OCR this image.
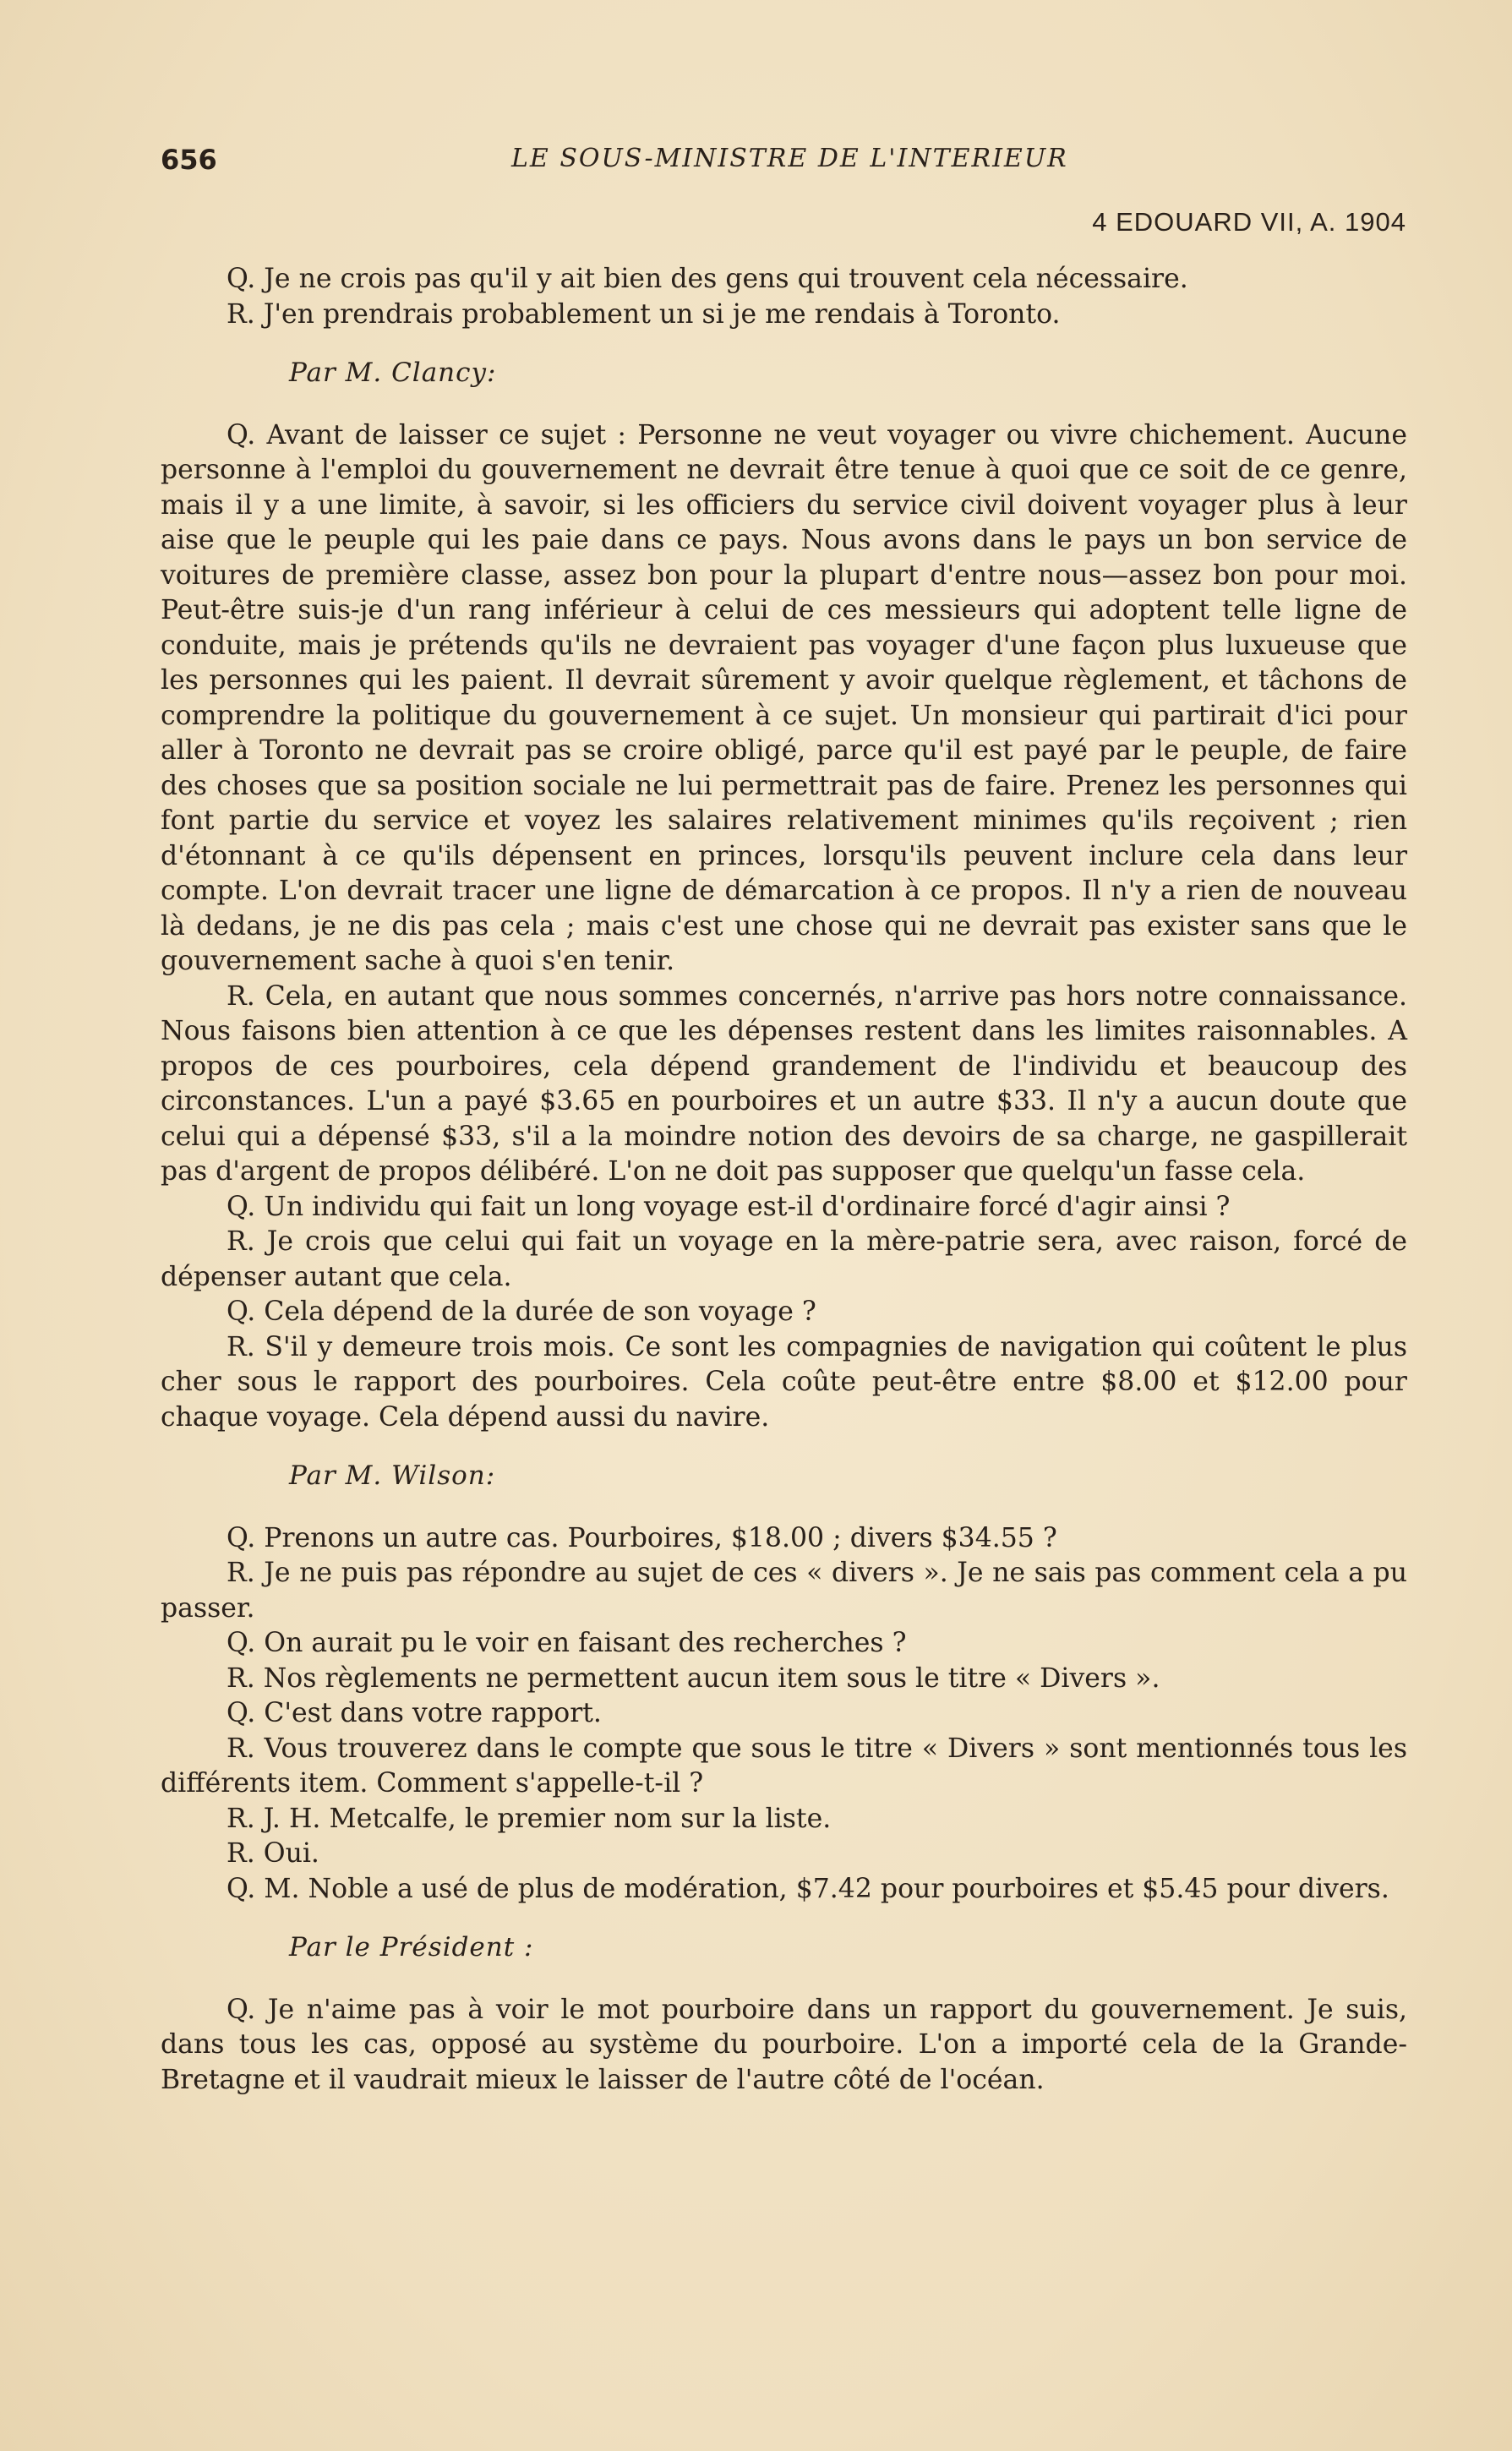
656	LE SOUS-MINISTRE DE L'INTERIEUR
4 EDOUARD VII, A. 1904

Q. Je ne crois pas qu'il y ait bien des gens qui trouvent cela nécessaire.

R. J'en prendrais probablement un si je me rendais à Toronto.

Par M. Clancy:

Q. Avant de laisser ce sujet : Personne ne veut voyager ou vivre chichement. Aucune personne à l'emploi du gouvernement ne devrait être tenue à quoi que ce soit de ce genre, mais il y a une limite, à savoir, si les officiers du service civil doivent voyager plus à leur aise que le peuple qui les paie dans ce pays. Nous avons dans le pays un bon service de voitures de première classe, assez bon pour la plupart d'entre nous—assez bon pour moi. Peut-être suis-je d'un rang inférieur à celui de ces messieurs qui adoptent telle ligne de conduite, mais je prétends qu'ils ne devraient pas voyager d'une façon plus luxueuse que les personnes qui les paient. Il devrait sûrement y avoir quelque règlement, et tâchons de comprendre la politique du gouvernement à ce sujet. Un monsieur qui partirait d'ici pour aller à Toronto ne devrait pas se croire obligé, parce qu'il est payé par le peuple, de faire des choses que sa position sociale ne lui permettrait pas de faire. Prenez les personnes qui font partie du service et voyez les salaires relativement minimes qu'ils reçoivent ; rien d'étonnant à ce qu'ils dépensent en princes, lorsqu'ils peuvent inclure cela dans leur compte. L'on devrait tracer une ligne de démarcation à ce propos. Il n'y a rien de nouveau là dedans, je ne dis pas cela ; mais c'est une chose qui ne devrait pas exister sans que le gouvernement sache à quoi s'en tenir.

R. Cela, en autant que nous sommes concernés, n'arrive pas hors notre connaissance. Nous faisons bien attention à ce que les dépenses restent dans les limites raisonnables. A propos de ces pourboires, cela dépend grandement de l'individu et beaucoup des circonstances. L'un a payé $3.65 en pourboires et un autre $33. Il n'y a aucun doute que celui qui a dépensé $33, s'il a la moindre notion des devoirs de sa charge, ne gaspillerait pas d'argent de propos délibéré. L'on ne doit pas supposer que quelqu'un fasse cela.

Q. Un individu qui fait un long voyage est-il d'ordinaire forcé d'agir ainsi ?

R. Je crois que celui qui fait un voyage en la mère-patrie sera, avec raison, forcé de dépenser autant que cela.

Q. Cela dépend de la durée de son voyage ?

R. S'il y demeure trois mois. Ce sont les compagnies de navigation qui coûtent le plus cher sous le rapport des pourboires. Cela coûte peut-être entre $8.00 et $12.00 pour chaque voyage. Cela dépend aussi du navire.

Par M. Wilson:

Q. Prenons un autre cas. Pourboires, $18.00 ; divers $34.55 ?

R. Je ne puis pas répondre au sujet de ces « divers ». Je ne sais pas comment cela a pu passer.

Q. On aurait pu le voir en faisant des recherches ?

R. Nos règlements ne permettent aucun item sous le titre « Divers ».

Q. C'est dans votre rapport.

R. Vous trouverez dans le compte que sous le titre « Divers » sont mentionnés tous les différents item. Comment s'appelle-t-il ?

R. J. H. Metcalfe, le premier nom sur la liste.

R. Oui.

Q. M. Noble a usé de plus de modération, $7.42 pour pourboires et $5.45 pour divers.

Par le Président :

Q. Je n'aime pas à voir le mot pourboire dans un rapport du gouvernement. Je suis, dans tous les cas, opposé au système du pourboire. L'on a importé cela de la Grande-Bretagne et il vaudrait mieux le laisser de l'autre côté de l'océan.
